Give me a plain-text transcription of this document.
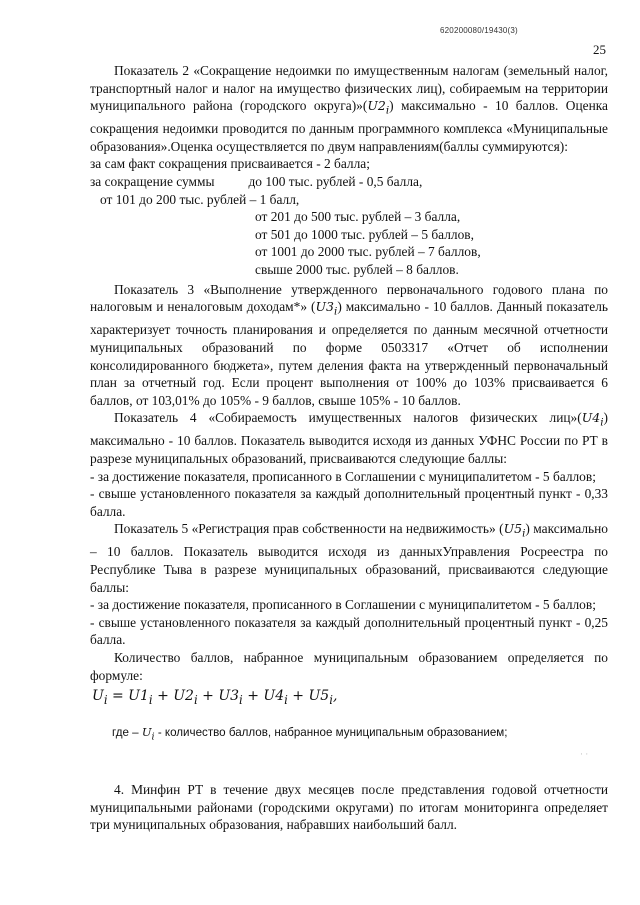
620200080/19430(3)
25

Показатель 2 «Сокращение недоимки по имущественным налогам (земельный налог, транспортный налог и налог на имущество физических лиц), собираемым на территории муниципального района (городского $округа)»(U2_i)$ максимально - 10 баллов. Оценка сокращения недоимки проводится по данным программного комплекса «Муниципальные образования».Оценка осуществляется по двум направлениям(баллы суммируются):

за сам факт сокращения присваивается - 2 балла;
за сокращение суммы	до 100 тыс. рублей - 0,5 балла,
от 101 до 200 тыс. рублей – 1 балл,
от 201 до 500 тыс. рублей – 3 балла,
от 501 до 1000 тыс. рублей – 5 баллов,
от 1001 до 2000 тыс. рублей – 7 баллов,
свыше 2000 тыс. рублей – 8 баллов.

Показатель 3 «Выполнение утвержденного первоначального годового плана по налоговым и неналоговым доходам*» $(U3_i)$ максимально - 10 баллов. Данный показатель характеризует точность планирования и определяется по данным месячной отчетности муниципальных образований по форме 0503317 «Отчет об исполнении консолидированного бюджета», путем деления факта на утвержденный первоначальный план за отчетный год. Если процент выполнения от 100% до 103% присваивается 6 баллов, от 103,01% до 105% - 9 баллов, свыше 105% - 10 баллов.

Показатель 4 «Собираемость имущественных налогов физических $лиц»(U4_i)$ максимально - 10 баллов. Показатель выводится исходя из данных УФНС России по РТ в разрезе муниципальных образований, присваиваются следующие баллы:

- за достижение показателя, прописанного в Соглашении с муниципалитетом - 5 баллов;

- свыше установленного показателя за каждый дополнительный процентный пункт - 0,33 балла.

Показатель 5 «Регистрация прав собственности на недвижимость» $(U5_i)$ максимально – 10 баллов. Показатель выводится исходя из данныхУправления Росреестра по Республике Тыва в разрезе муниципальных образований, присваиваются следующие баллы:

- за достижение показателя, прописанного в Соглашении с муниципалитетом - 5 баллов;

- свыше установленного показателя за каждый дополнительный процентный пункт - 0,25 балла.

Количество баллов, набранное муниципальным образованием определяется по формуле:

$U_i = U1_i + U2_i + U3_i + U4_i + U5_i$,
где – $U_i$ - количество баллов, набранное муниципальным образованием;

4. Минфин РТ в течение двух месяцев после представления годовой отчетности муниципальными районами (городскими округами) по итогам мониторинга определяет три муниципальных образования, набравших наибольший балл.

· ·
